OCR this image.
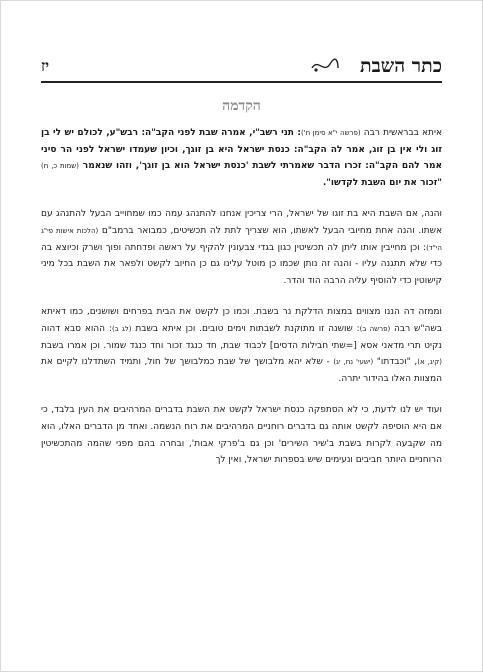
כתר השבת
יז
הקדמה

איתא בבראשית רבה (פרשה י"א סימן ח'): תני רשב"י, אמרה שבת לפני הקב"ה: רבש"ע, לכולם יש לי בן זוג ולי אין בן זוג, אמר לה הקב"ה: כנסת ישראל היא בן זוגך, וכיון שעמדו ישראל לפני הר סיני אמר להם הקב"ה: זכרו הדבר שאמרתי לשבת 'כנסת ישראל הוא בן זוגך', וזהו שנאמר (שמות כ, ח) "זכור את יום השבת לקדשו".

והנה, אם השבת היא בת זוגו של ישראל, הרי צריכין אנחנו להתנהג עמה כמו שמחוייב הבעל להתנהג עם אשתו. והנה אחת מחיובי הבעל לאשתו, הוא שצריך לתת לה תכשיטים, כמבואר ברמב"ם (הלכות אישות פי"ג הי"ד): וכן מחייבין אותו ליתן לה תכשיטין כגון בגדי צבעונין להקיף על ראשה ופדחתה ופוך ושרק וכיוצא בה כדי שלא תתגנה עליו - והנה זה נותן שכמו כן מוטל עלינו גם כן החיוב לקשט ולפאר את השבת בכל מיני קישוטין כדי להוסיף עליה הרבה הוד והדר.

וממזה דה הננו מצווים במצות הדלקת נר בשבת. וכמו כן לקשט את הבית בפרחים ושושנים, כמו דאיתא בשה"ש רבה (פרשה ב): שושנה זו מתוקנת לשבתות וימים טובים. וכן איתא בשבת (לג ב): ההוא סבא דהוה נקיט תרי מדאני אסא [=שתי חבילות הדסים] לכבוד שבת, חד כנגד זכור וחד כנגד שמור. וכן אמרו בשבת (קיג, א), "וכבדתו" (ישעי' נח, יג) - שלא יהא מלבושך של שבת כמלבושך של חול, ותמיד השתדלנו לקיים את המצוות האלו בהידור יתרה.

ועוד יש לנו לדעת, כי לא הסתפקה כנסת ישראל לקשט את השבת בדברים המרהיבים את העין בלבד, כי אם היא הוסיפה לקשט אותה גם בדברים רוחניים המרהיבים את רוח הנשמה. ואחד מן הדברים האלו, הוא מה שקבעה לקרות בשבת ב'שיר השירים' וכן גם ב'פרקי אבות', ובחרה בהם מפני שהמה מהתכשיטין הרוחניים היותר חביבים ונעימים שיש בספרות ישראל, ואין לך
